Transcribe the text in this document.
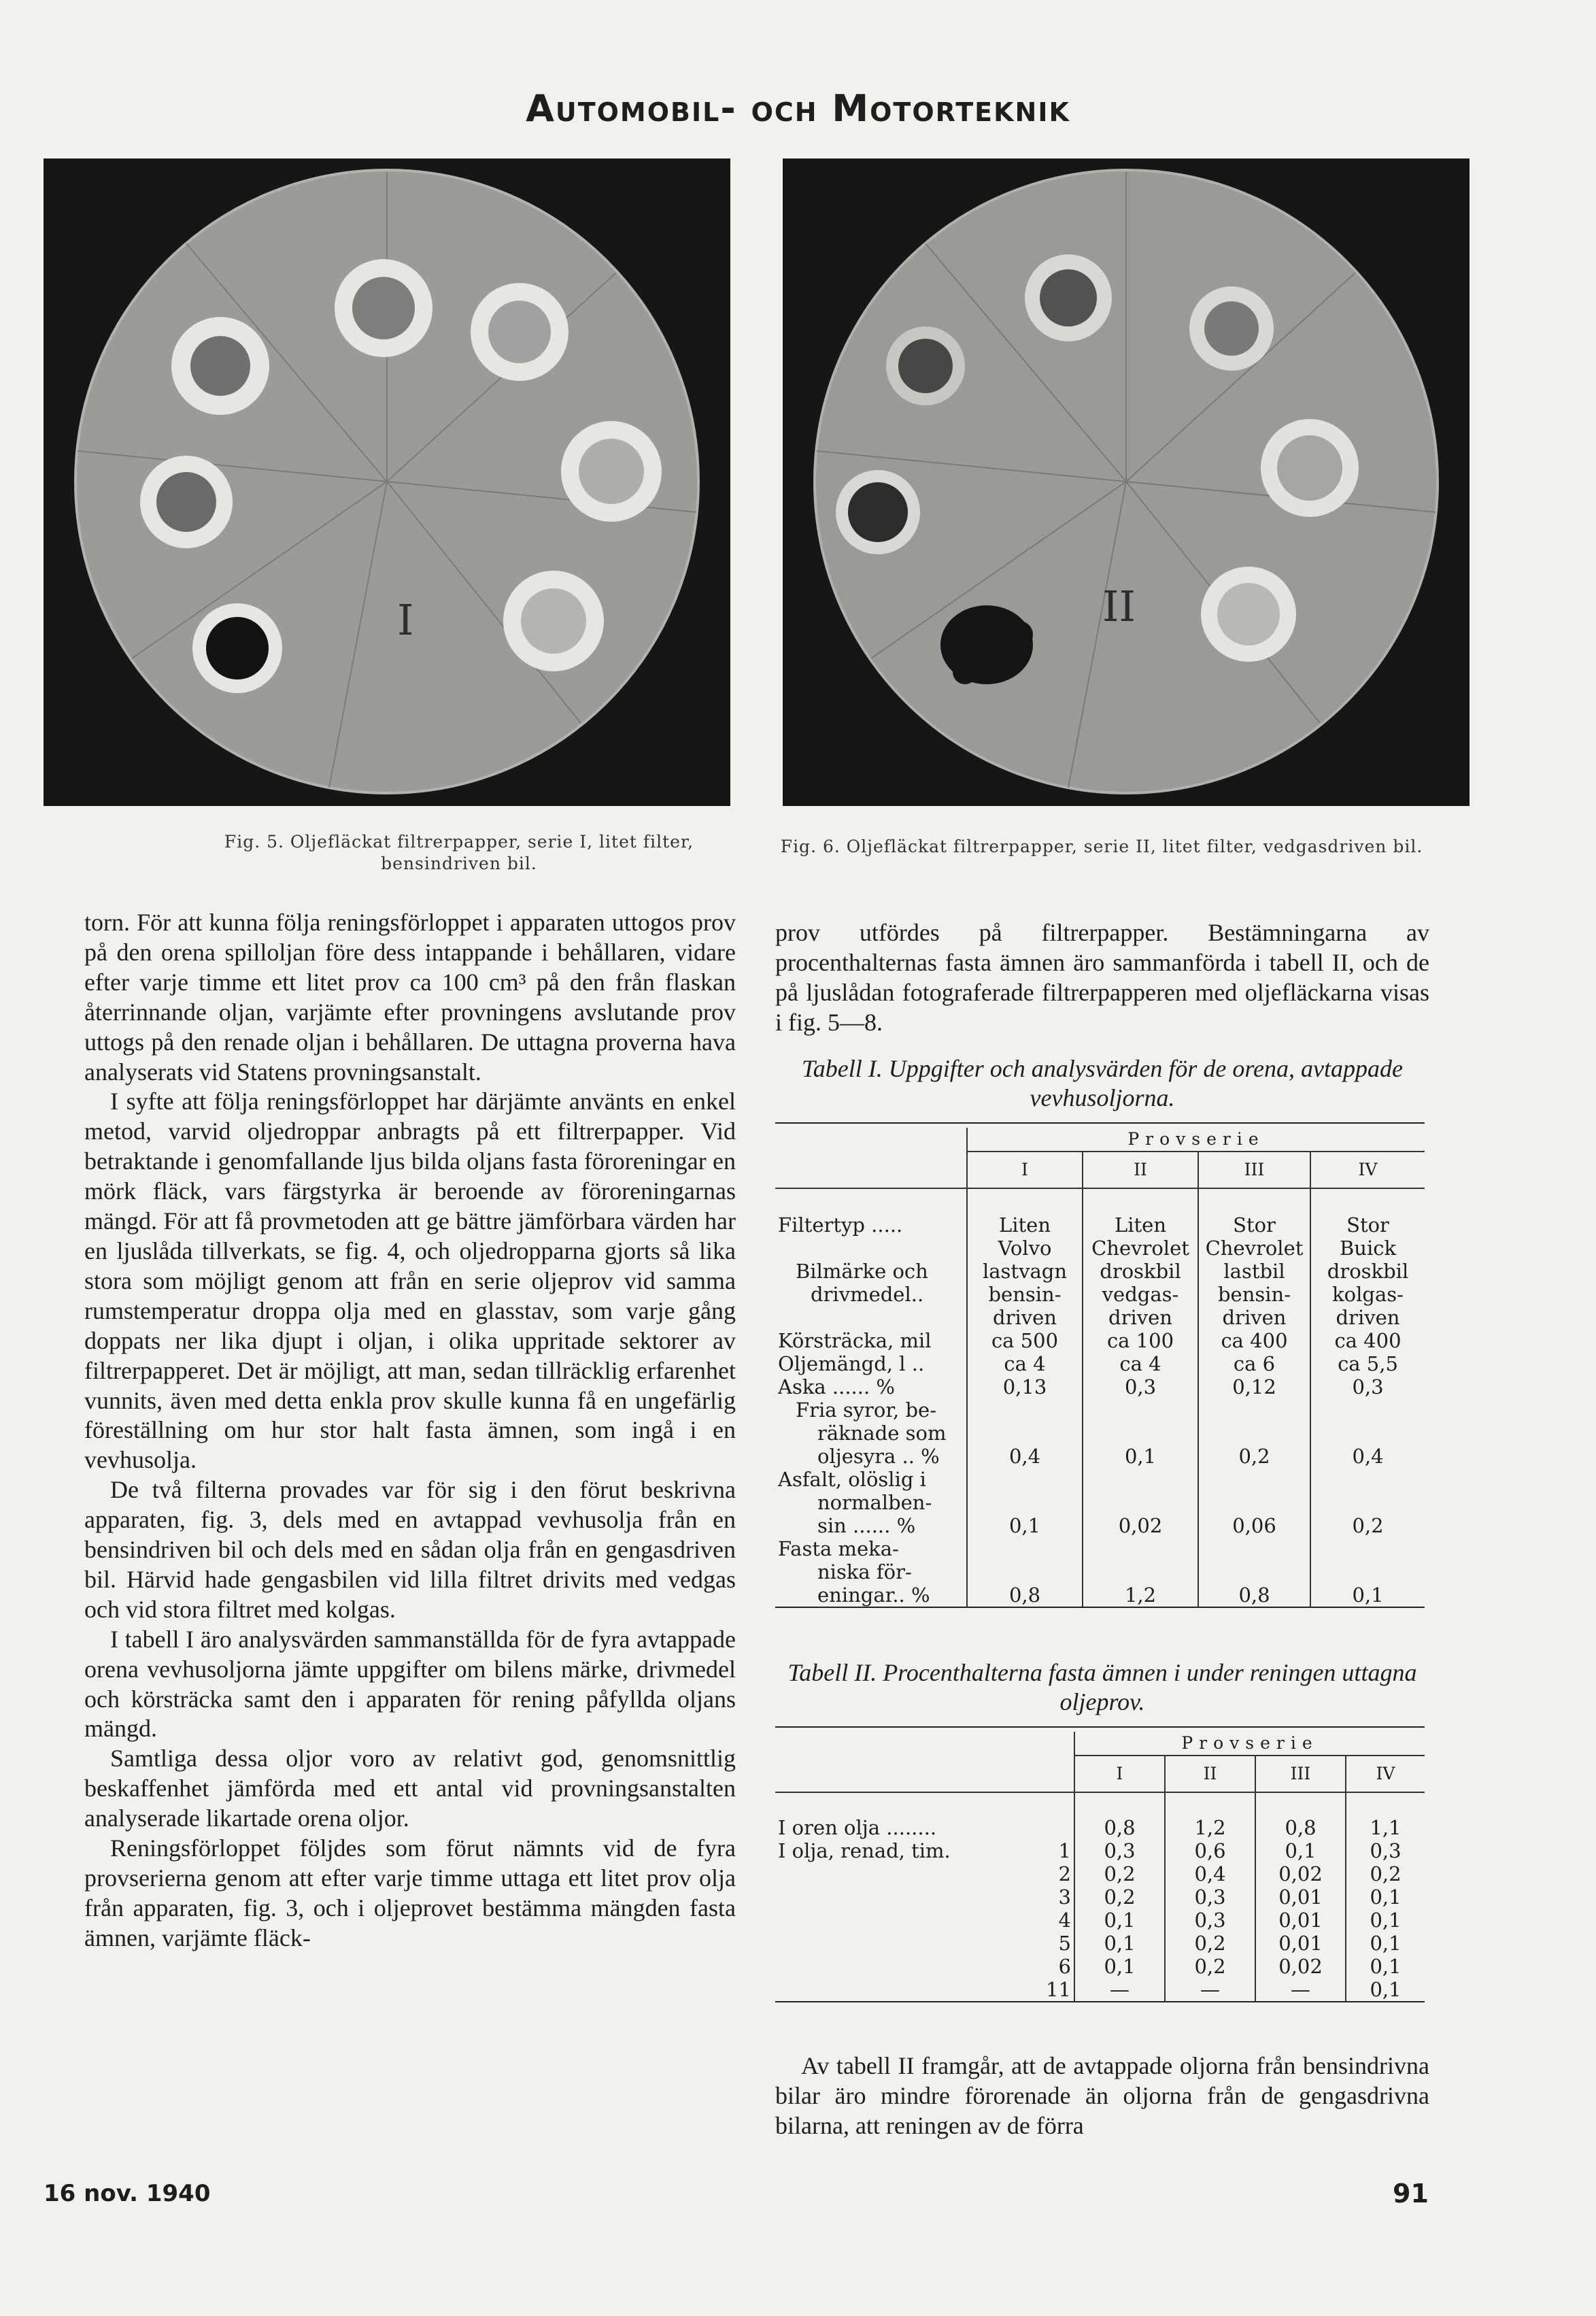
Automobil- och Motorteknik
I	II
Fig. 5. Oljefläckat filtrerpapper, serie I, litet filter, bensindriven bil.
Fig. 6. Oljefläckat filtrerpapper, serie II, litet filter, vedgasdriven bil.

torn. För att kunna följa reningsförloppet i apparaten uttogos prov på den orena spilloljan före dess intappande i behållaren, vidare efter varje timme ett litet prov ca 100 cm³ på den från flaskan återrinnande oljan, varjämte efter provningens avslutande prov uttogs på den renade oljan i behållaren. De uttagna proverna hava analyserats vid Statens provningsanstalt.

I syfte att följa reningsförloppet har därjämte använts en enkel metod, varvid oljedroppar anbragts på ett filtrerpapper. Vid betraktande i genomfallande ljus bilda oljans fasta föroreningar en mörk fläck, vars färgstyrka är beroende av föroreningarnas mängd. För att få provmetoden att ge bättre jämförbara värden har en ljuslåda tillverkats, se fig. 4, och oljedropparna gjorts så lika stora som möjligt genom att från en serie oljeprov vid samma rumstemperatur droppa olja med en glasstav, som varje gång doppats ner lika djupt i oljan, i olika uppritade sektorer av filtrerpapperet. Det är möjligt, att man, sedan tillräcklig erfarenhet vunnits, även med detta enkla prov skulle kunna få en ungefärlig föreställning om hur stor halt fasta ämnen, som ingå i en vevhusolja.

De två filterna provades var för sig i den förut beskrivna apparaten, fig. 3, dels med en avtappad vevhusolja från en bensindriven bil och dels med en sådan olja från en gengasdriven bil. Härvid hade gengasbilen vid lilla filtret drivits med vedgas och vid stora filtret med kolgas.

I tabell I äro analysvärden sammanställda för de fyra avtappade orena vevhusoljorna jämte uppgifter om bilens märke, drivmedel och körsträcka samt den i apparaten för rening påfyllda oljans mängd.

Samtliga dessa oljor voro av relativt god, genomsnittlig beskaffenhet jämförda med ett antal vid provningsanstalten analyserade likartade orena oljor.

Reningsförloppet följdes som förut nämnts vid de fyra provserierna genom att efter varje timme uttaga ett litet prov olja från apparaten, fig. 3, och i oljeprovet bestämma mängden fasta ämnen, varjämte fläck-

prov utfördes på filtrerpapper. Bestämningarna av procenthalternas fasta ämnen äro sammanförda i tabell II, och de på ljuslådan fotograferade filtrerpapperen med oljefläckarna visas i fig. 5—8.

Tabell I. Uppgifter och analysvärden för de orena, avtappade vevhusoljorna.
	Provserie			
	I	II	III	IV

Filtertyp .....	Liten	Liten	Stor	Stor
	Volvo	Chevrolet	Chevrolet	Buick
Bilmärke och	lastvagn	droskbil	lastbil	droskbil
drivmedel..	bensin-	vedgas-	bensin-	kolgas-
	driven	driven	driven	driven
Körsträcka, mil	ca 500	ca 100	ca 400	ca 400
Oljemängd, l ..	ca 4	ca 4	ca 6	ca 5,5
Aska ...... %	0,13	0,3	0,12	0,3
Fria syror, be-				
räknade som				
oljesyra .. %	0,4	0,1	0,2	0,4
Asfalt, olöslig i				
normalben-				
sin ...... %	0,1	0,02	0,06	0,2
Fasta meka-				
niska för-				
eningar.. %	0,8	1,2	0,8	0,1
Tabell II. Procenthalterna fasta ämnen i under reningen uttagna oljeprov.
		Provserie			
		I	II	III	IV

I oren olja ........		0,8	1,2	0,8	1,1
I olja, renad, tim.	1	0,3	0,6	0,1	0,3
	2	0,2	0,4	0,02	0,2
	3	0,2	0,3	0,01	0,1
	4	0,1	0,3	0,01	0,1
	5	0,1	0,2	0,01	0,1
	6	0,1	0,2	0,02	0,1
	11	—	—	—	0,1

Av tabell II framgår, att de avtappade oljorna från bensindrivna bilar äro mindre förorenade än oljorna från de gengasdrivna bilarna, att reningen av de förra

16 nov. 1940	91
